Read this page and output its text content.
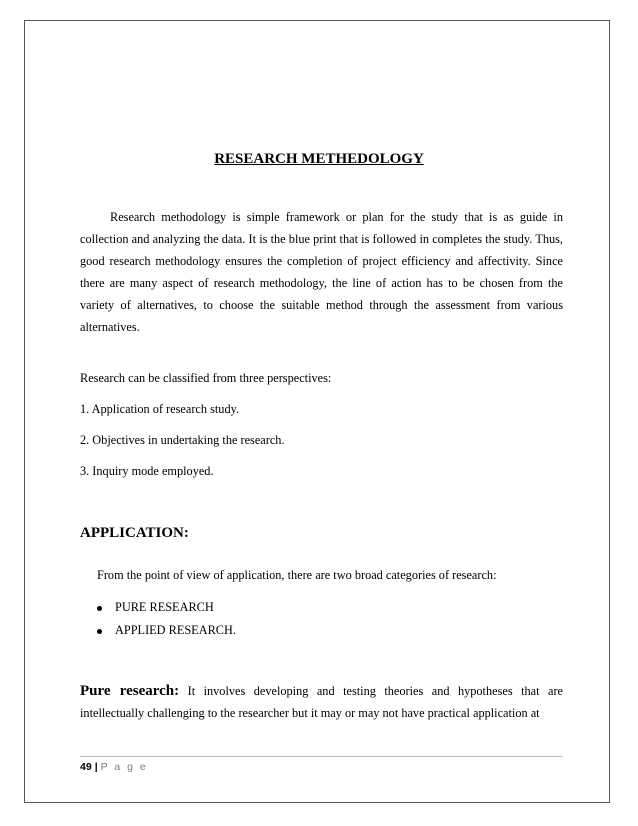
RESEARCH METHEDOLOGY
Research methodology is simple framework or plan for the study that is as guide in collection and analyzing the data. It is the blue print that is followed in completes the study. Thus, good research methodology ensures the completion of project efficiency and affectivity. Since there are many aspect of research methodology, the line of action has to be chosen from the variety of alternatives, to choose the suitable method through the assessment from various alternatives.
Research can be classified from three perspectives:
1. Application of research study.
2. Objectives in undertaking the research.
3. Inquiry mode employed.
APPLICATION:
From the point of view of application, there are two broad categories of research:
PURE RESEARCH
APPLIED RESEARCH.
Pure research: It involves developing and testing theories and hypotheses that are intellectually challenging to the researcher but it may or may not have practical application at
49 | P a g e
